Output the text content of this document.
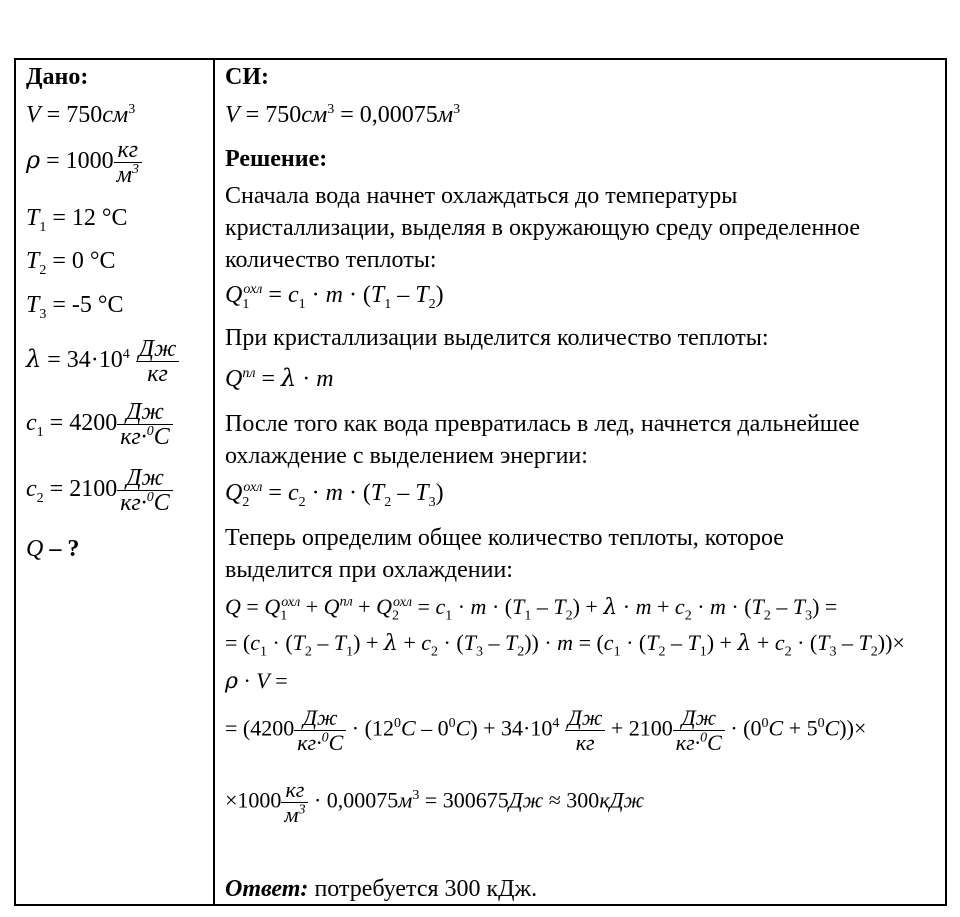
Дано:
$V = 750см^3$
$\rho = 1000 \frac{кг}{м^3}$
$T_1 = 12$ °C
$T_2 = 0$ °C
$T_3 = -5$ °C
$\lambda = 34\cdot 10^4 \frac{Дж}{кг}$
$c_1 = 4200 \frac{Дж}{кг\cdot^0C}$
$c_2 = 2100 \frac{Дж}{кг\cdot^0C}$
Q – ?
СИ:
$V = 750см^3 = 0,00075м^3$
Решение:
Сначала вода начнет охлаждаться до температуры
кристаллизации, выделяя в окружающую среду определенное
количество теплоты:
$Q_1^{охл} = c_1 \cdot m \cdot (T_1 - T_2)$
При кристаллизации выделится количество теплоты:
$Q^{пл} = \lambda \cdot m$
После того как вода превратилась в лед, начнется дальнейшее
охлаждение с выделением энергии:
$Q_2^{охл} = c_2 \cdot m \cdot (T_2 - T_3)$
Теперь определим общее количество теплоты, которое
выделится при охлаждении:
$Q = Q_1^{охл} + Q^{пл} + Q_2^{охл} = c_1 \cdot m \cdot (T_1 - T_2) + \lambda \cdot m + c_2 \cdot m \cdot (T_2 - T_3)$ =
= $(c_1 \cdot (T_2 - T_1) + \lambda + c_2 \cdot (T_3 - T_2)) \cdot m = (c_1 \cdot (T_2 - T_1) + \lambda + c_2 \cdot (T_3 - T_2))\times$
ρ · V =
= $(4200 \frac{Дж}{кг\cdot^0C} \cdot (12^0C - 0^0C) + 34\cdot 10^4 \frac{Дж}{кг} + 2100 \frac{Дж}{кг\cdot^0C} \cdot (0^0C + 5^0C))\times$
$\times 1000 \frac{кг}{м^3} \cdot 0,00075м^3 = 300675Дж \approx 300кДж$
Ответ: потребуется 300 кДж.
